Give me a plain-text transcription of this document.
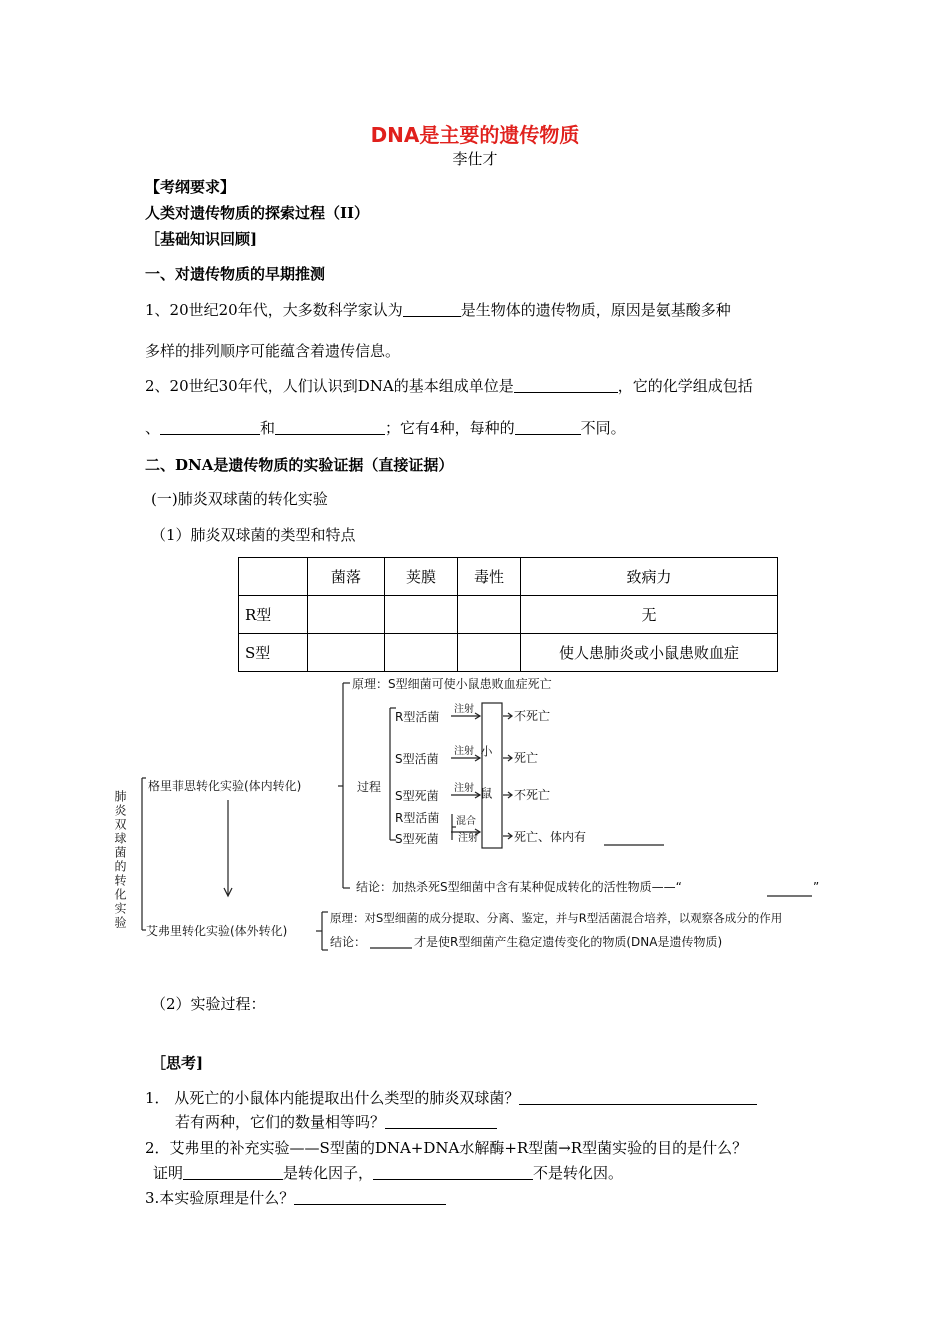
DNA是主要的遗传物质
李仕才
【考纲要求】
人类对遗传物质的探索过程（II）
［基础知识回顾]
一、对遗传物质的早期推测
1、20世纪20年代，大多数科学家认为	是生物体的遗传物质，原因是氨基酸多种
多样的排列顺序可能蕴含着遗传信息。
2、20世纪30年代，人们认识到DNA的基本组成单位是	，它的化学组成包括
、	和	；它有4种，每种的	不同。
二、DNA是遗传物质的实验证据（直接证据）
(一)肺炎双球菌的转化实验
（1）肺炎双球菌的类型和特点
	菌落	荚膜	毒性	致病力
R型				无
S型				使人患肺炎或小鼠患败血症
肺炎双球菌的转化实验
格里菲思转化实验(体内转化)
原理：S型细菌可使小鼠患败血症死亡
过程
R型活菌
S型活菌
S型死菌
R型活菌
S型死菌
注射
注射
注射
混合
注射
小鼠
不死亡
死亡
不死亡
死亡、体内有
结论：加热杀死S型细菌中含有某种促成转化的活性物质——“	”
艾弗里转化实验(体外转化)
原理：对S型细菌的成分提取、分离、鉴定，并与R型活菌混合培养，以观察各成分的作用
结论：	才是使R型细菌产生稳定遗传变化的物质(DNA是遗传物质)
（2）实验过程：
［思考]
1． 从死亡的小鼠体内能提取出什么类型的肺炎双球菌？
若有两种，它们的数量相等吗？
2．艾弗里的补充实验——S型菌的DNA+DNA水解酶+R型菌→R型菌实验的目的是什么？
证明	是转化因子，	不是转化因。
3.本实验原理是什么？
